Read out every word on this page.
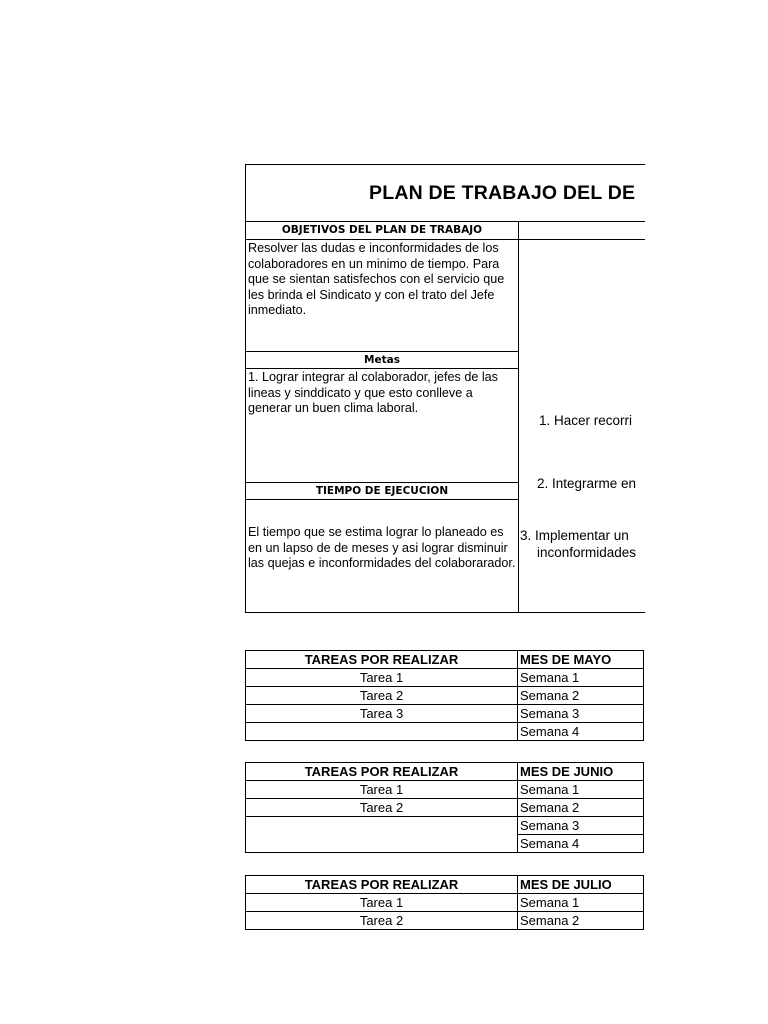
PLAN DE TRABAJO DEL DE
1. Hacer recorri
2. Integrarme en
3. Implementar un
inconformidades
OBJETIVOS DEL PLAN DE TRABAJO
Resolver las dudas e inconformidades de los colaboradores en un minimo de tiempo. Para que se sientan satisfechos con el servicio que les brinda el Sindicato y con el trato del Jefe inmediato.
Metas
1. Lograr integrar al colaborador, jefes de las lineas y sinddicato y que esto conlleve a generar un buen clima laboral.
TIEMPO DE EJECUCION
El tiempo que se estima lograr lo planeado es en un lapso de de meses y asi lograr disminuir las quejas e inconformidades del colaborarador.
TAREAS POR REALIZAR	MES DE MAYO
Tarea 1	Semana 1
Tarea 2	Semana 2
Tarea 3	Semana 3
	Semana 4
TAREAS POR REALIZAR	MES DE JUNIO
Tarea 1	Semana 1
Tarea 2	Semana 2
	Semana 3
	Semana 4
TAREAS POR REALIZAR	MES DE JULIO
Tarea 1	Semana 1
Tarea 2	Semana 2
